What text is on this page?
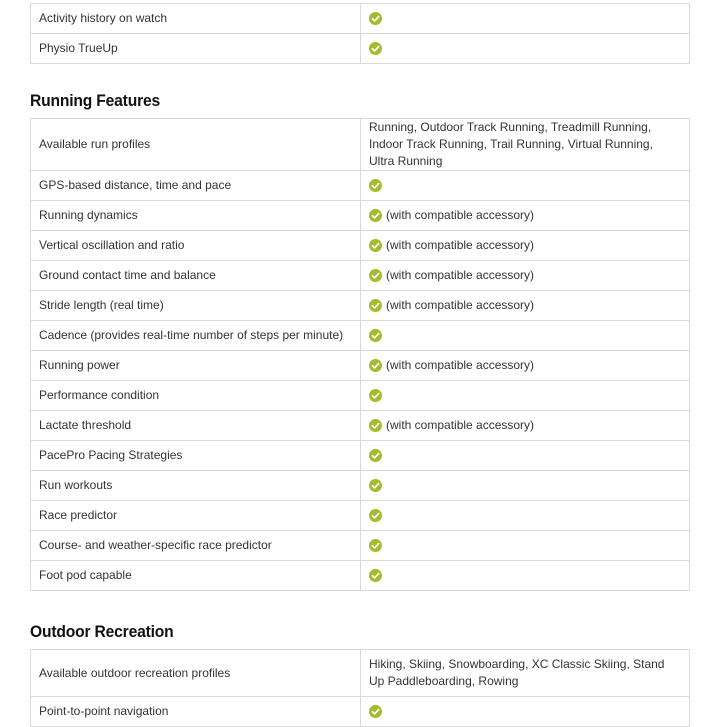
Activity history on watch	

Physio TrueUp	
Running Features
Available run profiles	Running, Outdoor Track Running, Treadmill Running, Indoor Track Running, Trail Running, Virtual Running, Ultra Running

GPS-based distance, time and pace	

Running dynamics	(with compatible accessory)

Vertical oscillation and ratio	(with compatible accessory)

Ground contact time and balance	(with compatible accessory)

Stride length (real time)	(with compatible accessory)

Cadence (provides real-time number of steps per minute)	

Running power	(with compatible accessory)

Performance condition	

Lactate threshold	(with compatible accessory)

PacePro Pacing Strategies	

Run workouts	

Race predictor	

Course- and weather-specific race predictor	

Foot pod capable	
Outdoor Recreation
Available outdoor recreation profiles	Hiking, Skiing, Snowboarding, XC Classic Skiing, Stand Up Paddleboarding, Rowing

Point-to-point navigation	
